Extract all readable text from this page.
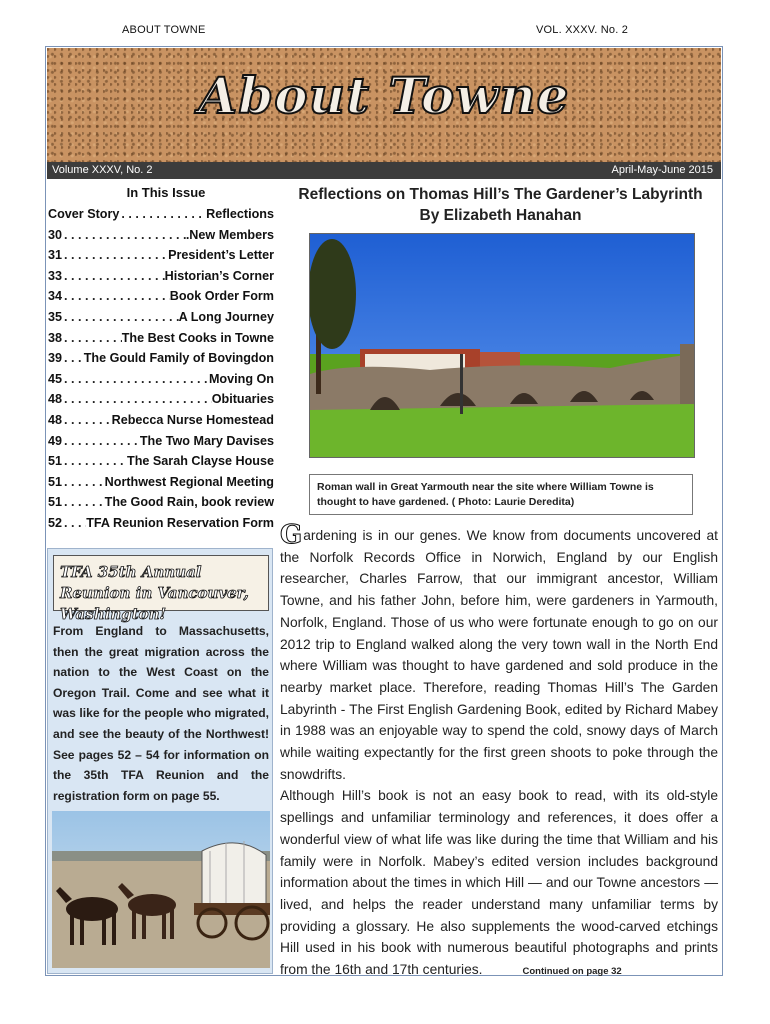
ABOUT TOWNE	VOL. XXXV. No. 2
About Towne
Volume XXXV, No. 2	April-May-June 2015
In This Issue
Cover Story . . .	Reflections
30 . . .	.New Members
31 . . .	President’s Letter
33 . . .	Historian’s Corner
34 . . .	Book Order Form
35 . . .	A Long Journey
38 . . .	The Best Cooks in Towne
39 . . . The Gould Family of Bovingdon
45 . . .	Moving On
48 . . .	Obituaries
48 . . .	Rebecca Nurse Homestead
49 . . .	The Two Mary Davises
51 . . .	The Sarah Clayse House
51 . . .	Northwest Regional Meeting
51 . . .	The Good Rain, book review
52 . . . TFA Reunion Reservation Form
TFA 35th Annual Reunion in Vancouver, Washington!
From England to Massachusetts, then the great migration across the nation to the West Coast on the Oregon Trail. Come and see what it was like for the people who migrated, and see the beauty of the Northwest! See pages 52 – 54 for information on the 35th TFA Reunion and the registration form on page 55.
Reflections on Thomas Hill’s The Gardener’s Labyrinth
By Elizabeth Hanahan
Roman wall in Great Yarmouth near the site where William Towne is thought to have gardened. ( Photo: Laurie Deredita)

Gardening is in our genes. We know from documents uncovered at the Norfolk Records Office in Norwich, England by our English researcher, Charles Farrow, that our immigrant ancestor, William Towne, and his father John, before him, were gardeners in Yarmouth, Norfolk, England. Those of us who were fortunate enough to go on our 2012 trip to England walked along the very town wall in the North End where William was thought to have gardened and sold produce in the nearby market place. Therefore, reading Thomas Hill’s The Garden Labyrinth - The First English Gardening Book, edited by Richard Mabey in 1988 was an enjoyable way to spend the cold, snowy days of March while waiting expectantly for the first green shoots to poke through the snowdrifts.

Although Hill’s book is not an easy book to read, with its old-style spellings and unfamiliar terminology and references, it does offer a wonderful view of what life was like during the time that William and his family were in Norfolk. Mabey’s edited version includes background information about the times in which Hill — and our Towne ancestors — lived, and helps the reader understand many unfamiliar terms by providing a glossary. He also supplements the wood-carved etchings Hill used in his book with numerous beautiful photographs and prints from the 16th and 17th centuries.	Continued on page 32
